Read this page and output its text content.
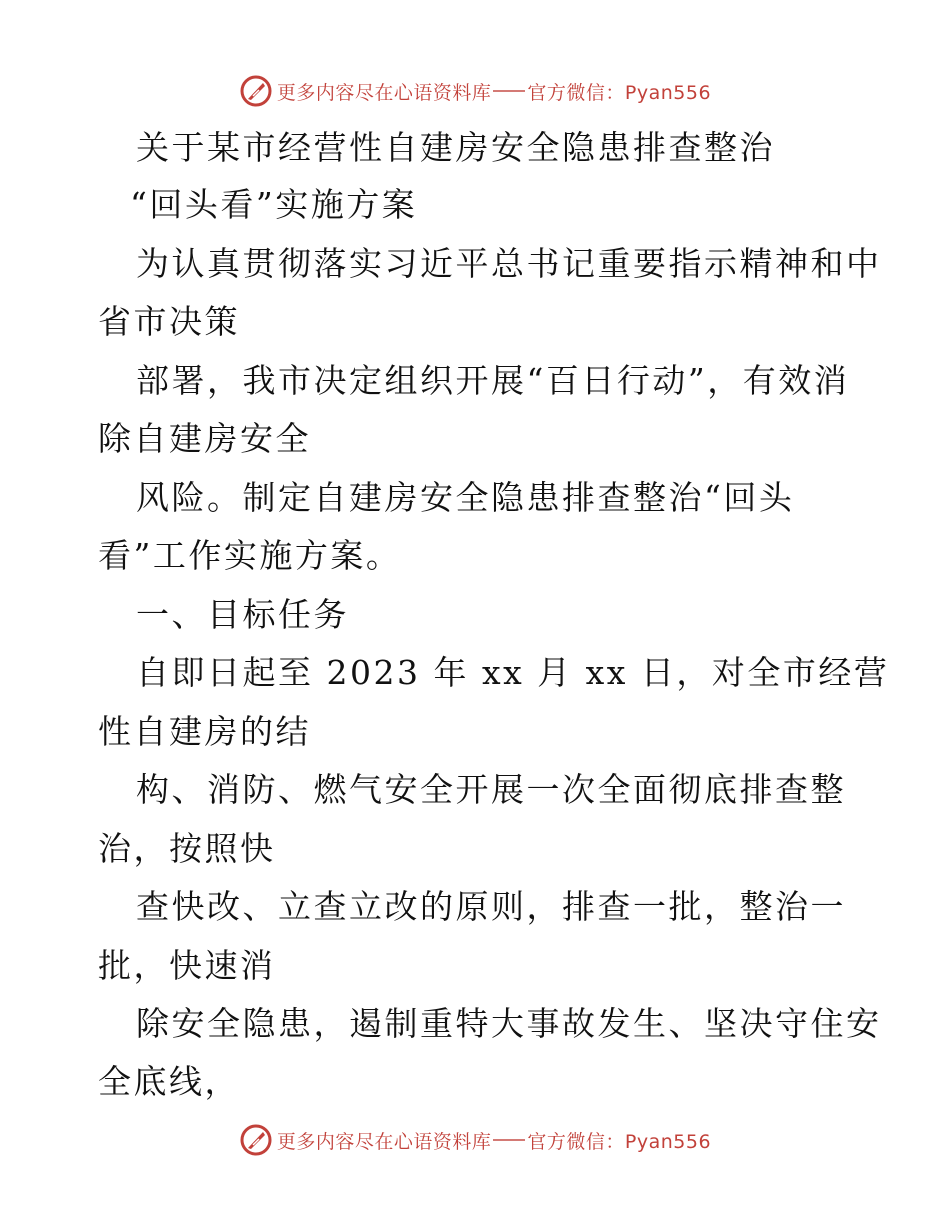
更多内容尽在心语资料库 官方微信：Pyan556
关于某市经营性自建房安全隐患排查整治
“回头看”实施方案
为认真贯彻落实习近平总书记重要指示精神和中
省市决策
部署，我市决定组织开展“百日行动”，有效消
除自建房安全
风险。制定自建房安全隐患排查整治“回头
看”工作实施方案。
一、目标任务
自即日起至 2023 年 xx 月 xx 日，对全市经营
性自建房的结
构、消防、燃气安全开展一次全面彻底排查整
治，按照快
查快改、立查立改的原则，排查一批，整治一
批，快速消
除安全隐患，遏制重特大事故发生、坚决守住安
全底线，
更多内容尽在心语资料库 官方微信：Pyan556
